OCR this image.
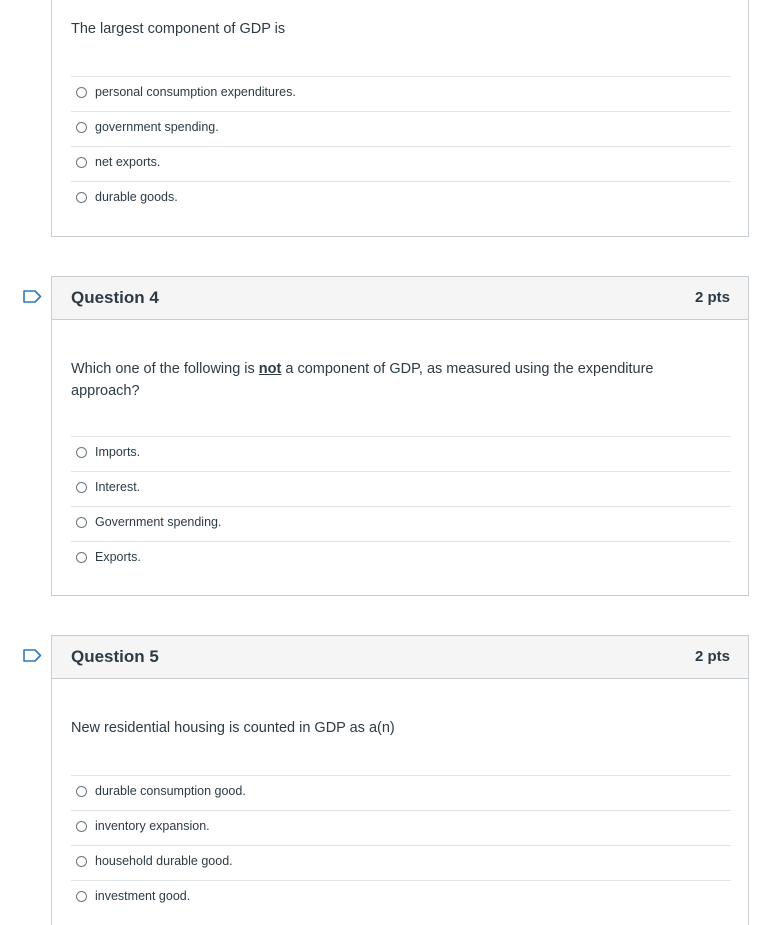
The largest component of GDP is
personal consumption expenditures.
government spending.
net exports.
durable goods.
Question 4	2 pts
Which one of the following is not a component of GDP, as measured using the expenditure approach?
Imports.
Interest.
Government spending.
Exports.
Question 5	2 pts
New residential housing is counted in GDP as a(n)
durable consumption good.
inventory expansion.
household durable good.
investment good.
